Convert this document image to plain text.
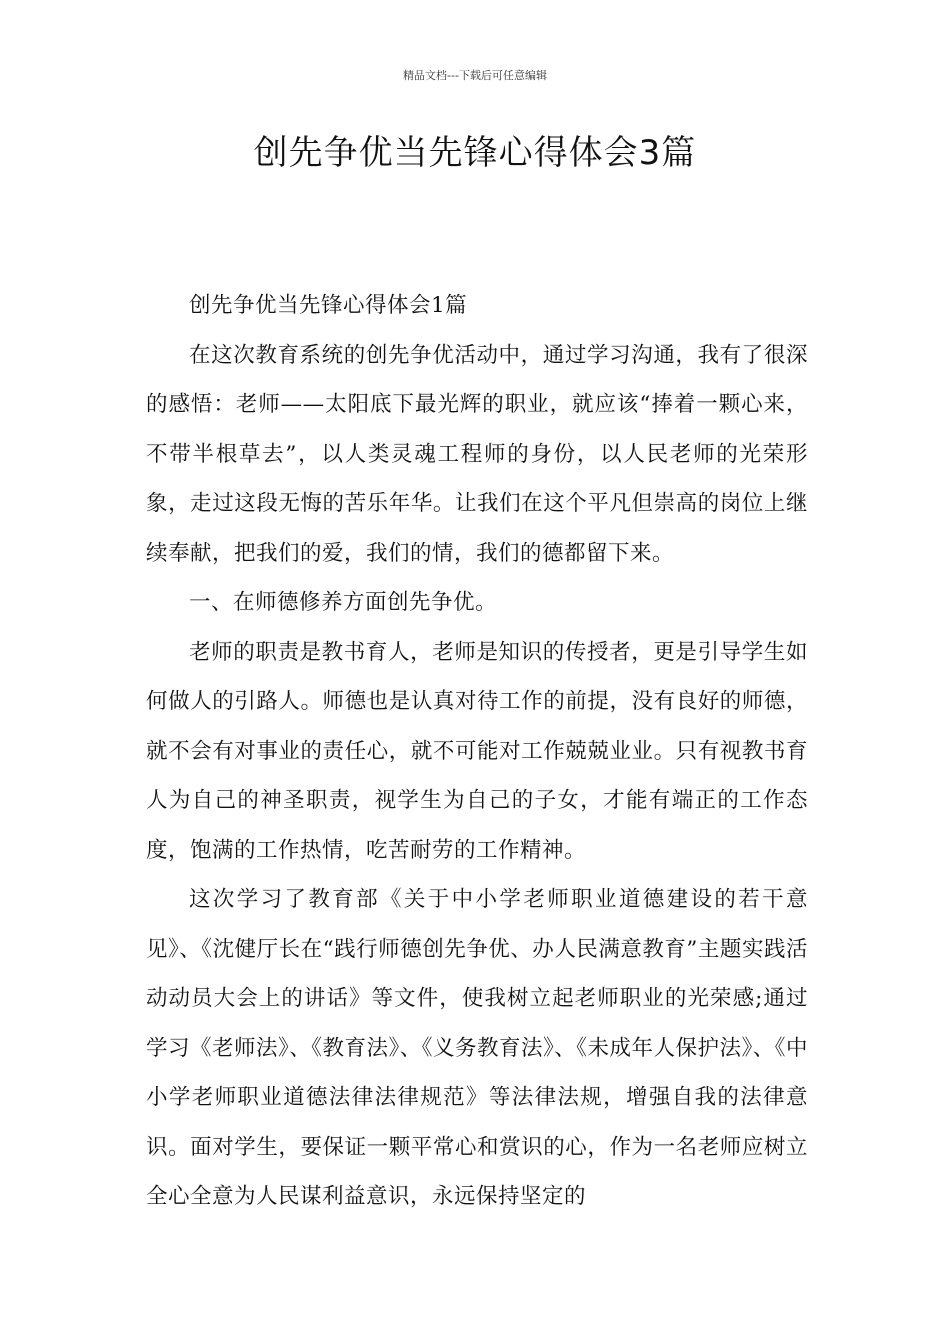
精品文档---下载后可任意编辑
创先争优当先锋心得体会3篇

创先争优当先锋心得体会1篇

在这次教育系统的创先争优活动中，通过学习沟通，我有了很深的感悟：老师——太阳底下最光辉的职业，就应该“捧着一颗心来，不带半根草去”，以人类灵魂工程师的身份，以人民老师的光荣形象，走过这段无悔的苦乐年华。让我们在这个平凡但崇高的岗位上继续奉献，把我们的爱，我们的情，我们的德都留下来。

一、在师德修养方面创先争优。

老师的职责是教书育人，老师是知识的传授者，更是引导学生如何做人的引路人。师德也是认真对待工作的前提，没有良好的师德，就不会有对事业的责任心，就不可能对工作兢兢业业。只有视教书育人为自己的神圣职责，视学生为自己的子女，才能有端正的工作态度，饱满的工作热情，吃苦耐劳的工作精神。

这次学习了教育部《关于中小学老师职业道德建设的若干意见》、《沈健厅长在“践行师德创先争优、办人民满意教育”主题实践活动动员大会上的讲话》等文件，使我树立起老师职业的光荣感;通过学习《老师法》、《教育法》、《义务教育法》、《未成年人保护法》、《中小学老师职业道德法律法律规范》等法律法规，增强自我的法律意识。面对学生，要保证一颗平常心和赏识的心，作为一名老师应树立全心全意为人民谋利益意识，永远保持坚定的
